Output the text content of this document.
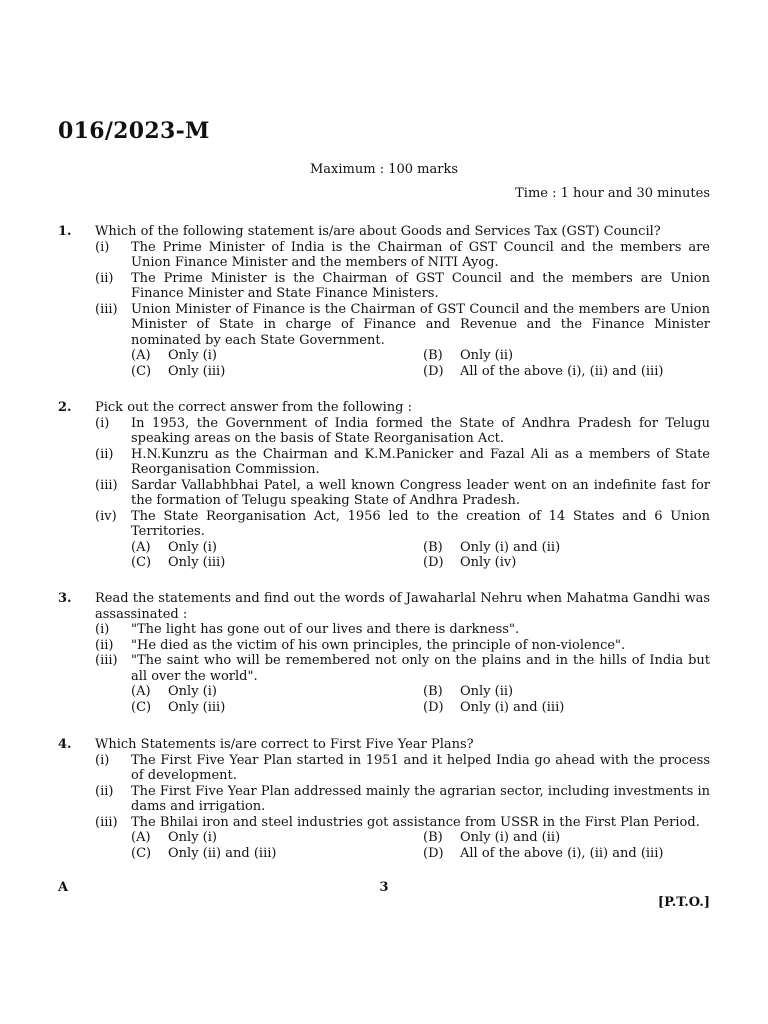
016/2023-M
Maximum : 100 marks
Time : 1 hour and 30 minutes
1.	Which of the following statement is/are about Goods and Services Tax (GST) Council?
(i)	The Prime Minister of India is the Chairman of GST Council and the members are Union Finance Minister and the members of NITI Ayog.
(ii)	The Prime Minister is the Chairman of GST Council and the members are Union Finance Minister and State Finance Ministers.
(iii)	Union Minister of Finance is the Chairman of GST Council and the members are Union Minister of State in charge of Finance and Revenue and the Finance Minister nominated by each State Government.
(A)	Only (i)	(B)	Only (ii)
(C)	Only (iii)	(D)	All of the above (i), (ii) and (iii)
2.	Pick out the correct answer from the following :
(i)	In 1953, the Government of India formed the State of Andhra Pradesh for Telugu speaking areas on the basis of State Reorganisation Act.
(ii)	H.N.Kunzru as the Chairman and K.M.Panicker and Fazal Ali as a members of State Reorganisation Commission.
(iii)	Sardar Vallabhbhai Patel, a well known Congress leader went on an indefinite fast for the formation of Telugu speaking State of Andhra Pradesh.
(iv)	The State Reorganisation Act, 1956 led to the creation of 14 States and 6 Union Territories.
(A)	Only (i)	(B)	Only (i) and (ii)
(C)	Only (iii)	(D)	Only (iv)
3.	Read the statements and find out the words of Jawaharlal Nehru when Mahatma Gandhi was assassinated :
(i)	"The light has gone out of our lives and there is darkness".
(ii)	"He died as the victim of his own principles, the principle of non-violence".
(iii)	"The saint who will be remembered not only on the plains and in the hills of India but all over the world".
(A)	Only (i)	(B)	Only (ii)
(C)	Only (iii)	(D)	Only (i) and (iii)
4.	Which Statements is/are correct to First Five Year Plans?
(i)	The First Five Year Plan started in 1951 and it helped India go ahead with the process of development.
(ii)	The First Five Year Plan addressed mainly the agrarian sector, including investments in dams and irrigation.
(iii)	The Bhilai iron and steel industries got assistance from USSR in the First Plan Period.
(A)	Only (i)	(B)	Only (i) and (ii)
(C)	Only (ii) and (iii)	(D)	All of the above (i), (ii) and (iii)
A	3
[P.T.O.]
